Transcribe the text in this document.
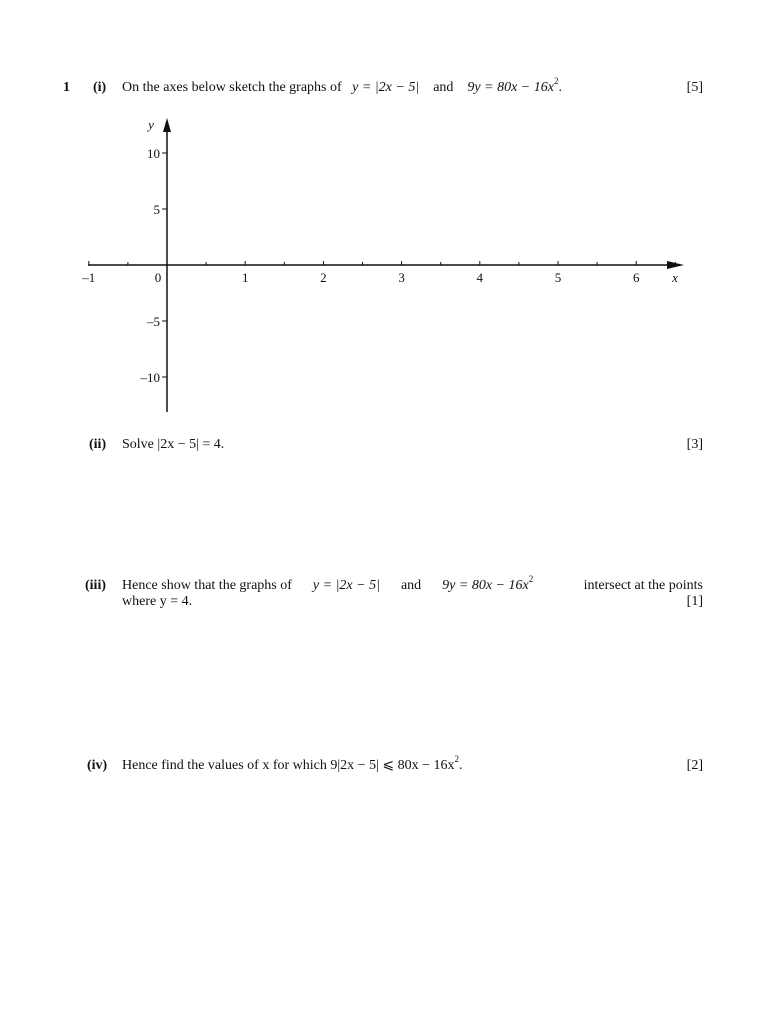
1 (i) On the axes below sketch the graphs of y = |2x − 5| and $9y = 80x - 16x^2$.	[5]
–1	0	1	2	3	4	5	6
10
5
–5
–10
x
y
(ii) Solve |2x − 5| = 4.	[3]
(iii) Hence show that the graphs of y = |2x − 5| and $9y = 80x - 16x^2$	intersect at the points
where y = 4.	[1]
(iv) Hence find the values of x for which 9|2x − 5| ⩽ $80x - 16x^2$.	[2]
